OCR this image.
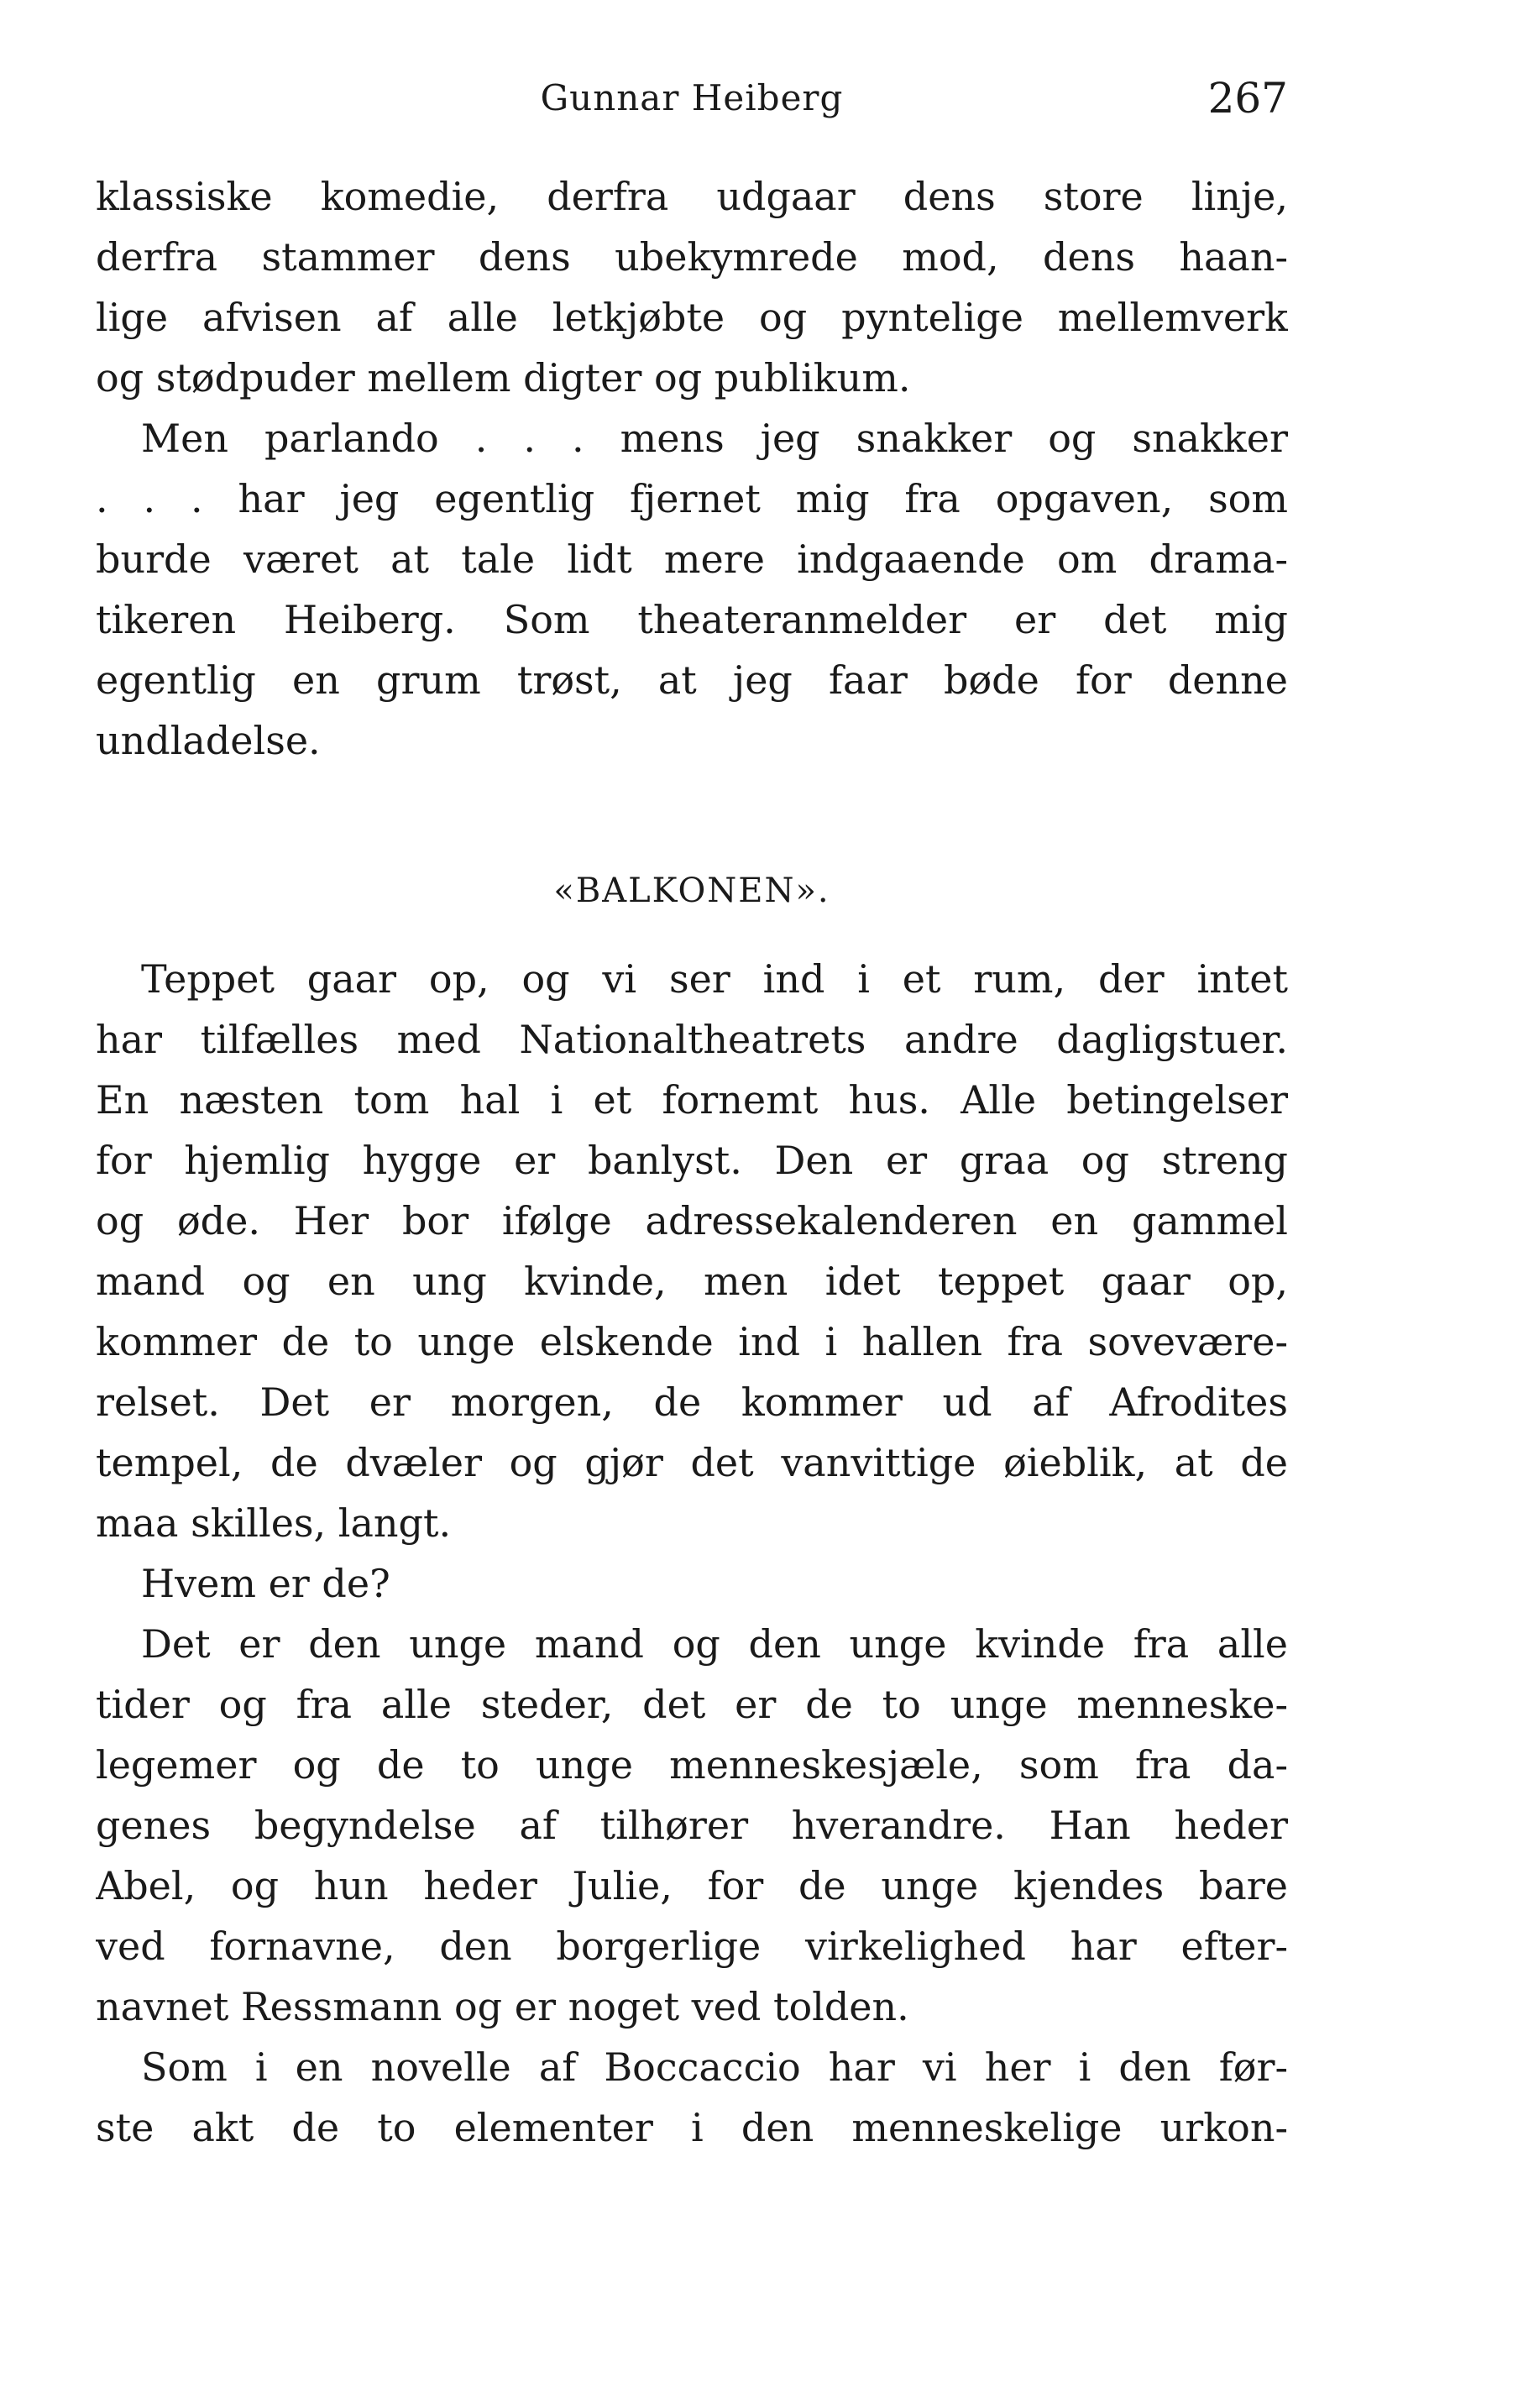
Gunnar Heiberg	267
klassiske komedie, derfra udgaar dens store linje,
derfra stammer dens ubekymrede mod, dens haan-
lige afvisen af alle letkjøbte og pyntelige mellemverk
og stødpuder mellem digter og publikum.
Men parlando . . . mens jeg snakker og snakker
. . . har jeg egentlig fjernet mig fra opgaven, som
burde været at tale lidt mere indgaaende om drama-
tikeren Heiberg. Som theateranmelder er det mig
egentlig en grum trøst, at jeg faar bøde for denne
undladelse.
«BALKONEN».
Teppet gaar op, og vi ser ind i et rum, der intet
har tilfælles med Nationaltheatrets andre dagligstuer.
En næsten tom hal i et fornemt hus. Alle betingelser
for hjemlig hygge er banlyst. Den er graa og streng
og øde. Her bor ifølge adressekalenderen en gammel
mand og en ung kvinde, men idet teppet gaar op,
kommer de to unge elskende ind i hallen fra sovevære-
relset. Det er morgen, de kommer ud af Afrodites
tempel, de dvæler og gjør det vanvittige øieblik, at de
maa skilles, langt.
Hvem er de?
Det er den unge mand og den unge kvinde fra alle
tider og fra alle steder, det er de to unge menneske-
legemer og de to unge menneskesjæle, som fra da-
genes begyndelse af tilhører hverandre. Han heder
Abel, og hun heder Julie, for de unge kjendes bare
ved fornavne, den borgerlige virkelighed har efter-
navnet Ressmann og er noget ved tolden.
Som i en novelle af Boccaccio har vi her i den før-
ste akt de to elementer i den menneskelige urkon-
